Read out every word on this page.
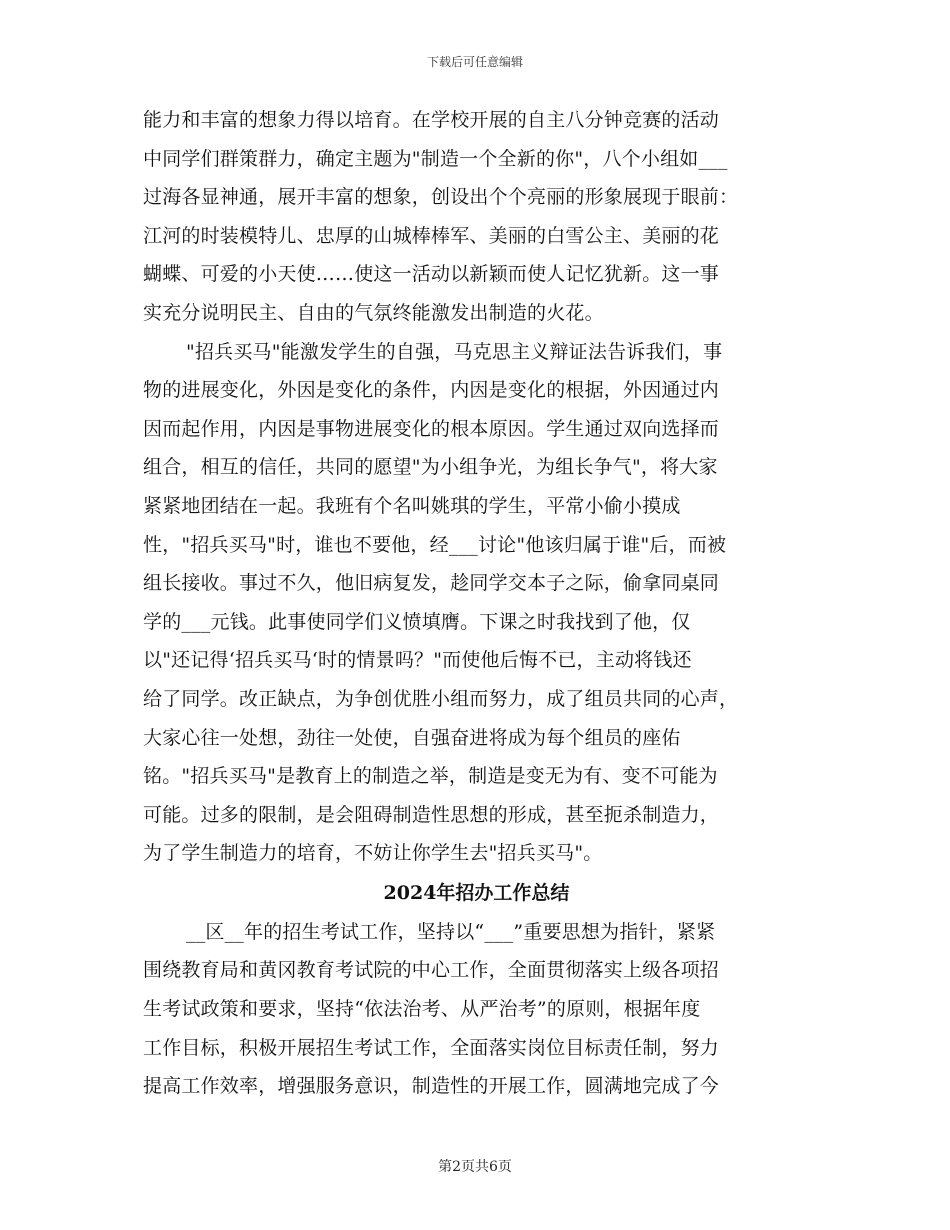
下载后可任意编辑
能力和丰富的想象力得以培育。在学校开展的自主八分钟竞赛的活动
中同学们群策群力，确定主题为"制造一个全新的你"，八个小组如___
过海各显神通，展开丰富的想象，创设出个个亮丽的形象展现于眼前：
江河的时装模特儿、忠厚的山城棒棒军、美丽的白雪公主、美丽的花
蝴蝶、可爱的小天使……使这一活动以新颖而使人记忆犹新。这一事
实充分说明民主、自由的气氛终能激发出制造的火花。
"招兵买马"能激发学生的自强，马克思主义辩证法告诉我们，事
物的进展变化，外因是变化的条件，内因是变化的根据，外因通过内
因而起作用，内因是事物进展变化的根本原因。学生通过双向选择而
组合，相互的信任，共同的愿望"为小组争光，为组长争气"，将大家
紧紧地团结在一起。我班有个名叫姚琪的学生，平常小偷小摸成
性，"招兵买马"时，谁也不要他，经___讨论"他该归属于谁"后，而被
组长接收。事过不久，他旧病复发，趁同学交本子之际，偷拿同桌同
学的___元钱。此事使同学们义愤填膺。下课之时我找到了他，仅
以"还记得‘招兵买马‘时的情景吗？"而使他后悔不已，主动将钱还
给了同学。改正缺点，为争创优胜小组而努力，成了组员共同的心声，
大家心往一处想，劲往一处使，自强奋进将成为每个组员的座佑
铭。"招兵买马"是教育上的制造之举，制造是变无为有、变不可能为
可能。过多的限制，是会阻碍制造性思想的形成，甚至扼杀制造力，
为了学生制造力的培育，不妨让你学生去"招兵买马"。
2024年招办工作总结
__区__年的招生考试工作，坚持以“___”重要思想为指针，紧紧
围绕教育局和黄冈教育考试院的中心工作，全面贯彻落实上级各项招
生考试政策和要求，坚持“依法治考、从严治考”的原则，根据年度
工作目标，积极开展招生考试工作，全面落实岗位目标责任制，努力
提高工作效率，增强服务意识，制造性的开展工作，圆满地完成了今
第2页共6页
